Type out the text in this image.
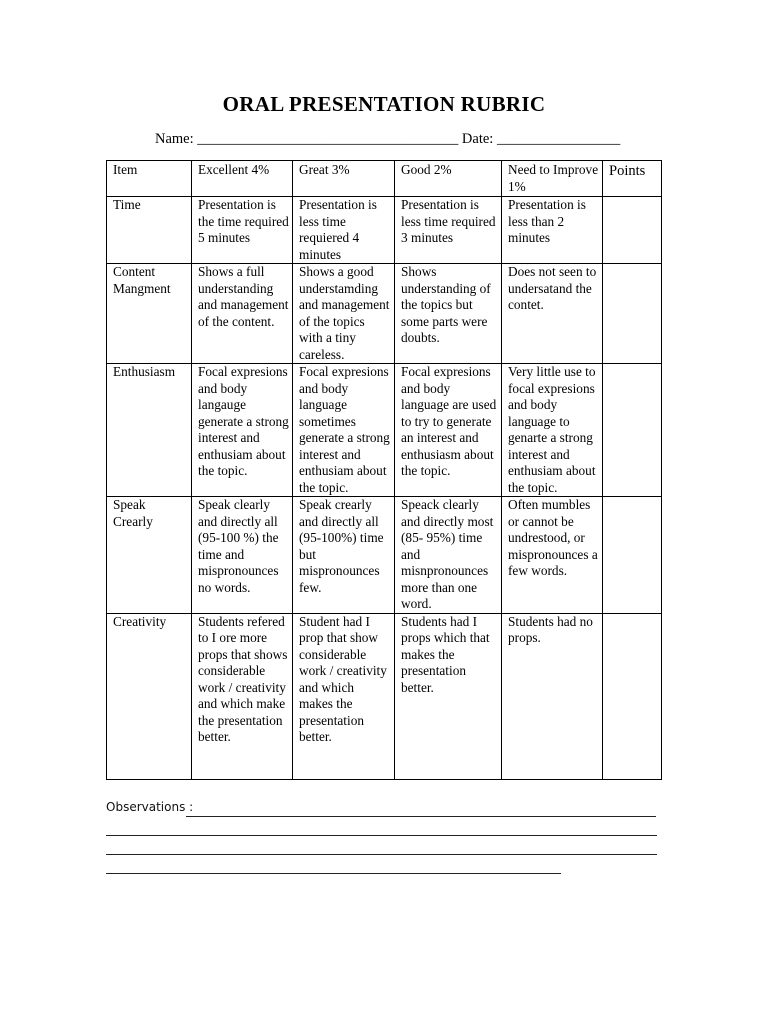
ORAL PRESENTATION RUBRIC
Name: ____________________________________ Date: _________________
Item	Excellent 4%	Great 3%	Good 2%	Need to Improve 1%	Points
Time	Presentation is the time required 5 minutes	Presentation is less time requiered 4 minutes	Presentation is less time required 3 minutes	Presentation is less than 2 minutes	
Content Mangment	Shows a full understanding and management of the content.	Shows a good understamding and management of the topics with a tiny careless.	Shows understanding of the topics but some parts were doubts.	Does not seen to undersatand the contet.	
Enthusiasm	Focal expresions and body langauge generate a strong interest and enthusiam about the topic.	Focal expresions and body language sometimes generate a strong interest and enthusiam about the topic.	Focal expresions and body language are used to try to generate an interest and enthusiasm about the topic.	Very little use to focal expresions and body language to genarte a strong interest and enthusiam about the topic.	
Speak Crearly	Speak clearly and directly all (95-100 %) the time and mispronounces no words.	Speak crearly and directly all (95-100%) time but mispronounces few.	Speack clearly and directly most (85- 95%) time and misnpronounces more than one word.	Often mumbles or cannot be undrestood, or mispronounces a few words.	
Creativity	Students refered to I ore more props that shows considerable work / creativity and which make the presentation better.	Student had I prop that show considerable work / creativity and which makes the presentation better.	Students had I props which that makes the presentation better.	Students had no props.	
Observations :
